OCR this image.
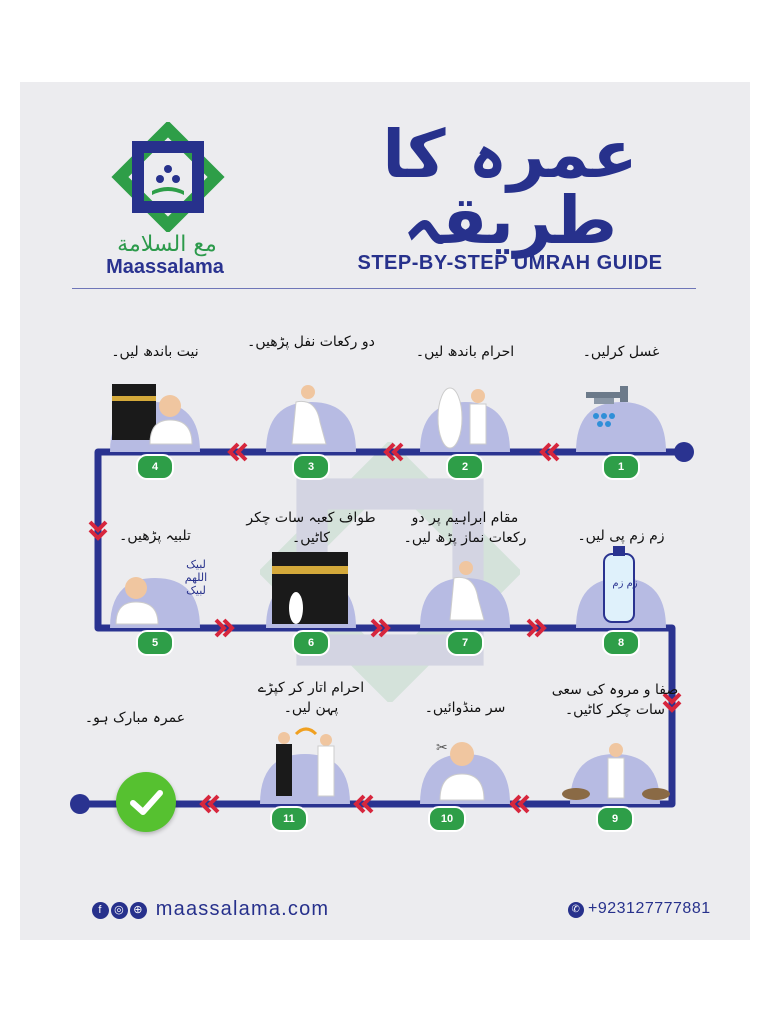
مع السلامة
Maassalama
عمرہ کا طریقہ
STEP-BY-STEP UMRAH GUIDE
لبیک
اللھم
لبیک
زم زم
✂
غسل کرلیں۔
احرام باندھ لیں۔
دو رکعات نفل پڑھیں۔
نیت باندھ لیں۔
تلبیہ پڑھیں۔
طواف کعبہ سات چکر کاٹیں۔
مقام ابراہیم پر دو رکعات نماز پڑھ لیں۔	زم زم پی لیں۔
صفا و مروہ کی سعی سات چکر کاٹیں۔
سر منڈوائیں۔
احرام اتار کر کپڑے پہن لیں۔
عمرہ مبارک ہو۔
1
2
3
4
5	6	7	8
9
10
11
f ◎ ⊕ maassalama.com	✆ +923127777881
